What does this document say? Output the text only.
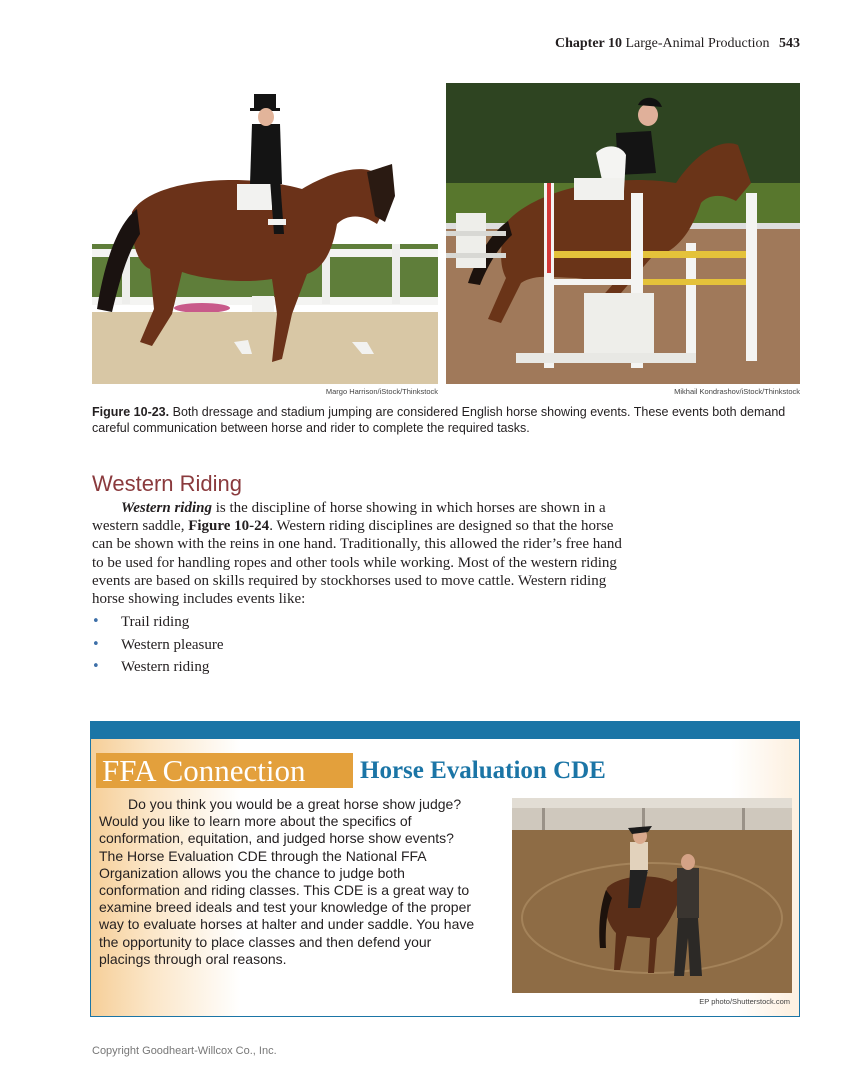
Chapter 10 Large-Animal Production 543
Margo Harrison/iStock/Thinkstock	Mikhail Kondrashov/iStock/Thinkstock
Figure 10-23. Both dressage and stadium jumping are considered English horse showing events. These events both demand careful communication between horse and rider to complete the required tasks.
Western Riding

Western riding is the discipline of horse showing in which horses are shown in a western saddle, Figure 10-24. Western riding disciplines are designed so that the horse can be shown with the reins in one hand. Traditionally, this allowed the rider’s free hand to be used for handling ropes and other tools while working. Most of the western riding events are based on skills required by stockhorses used to move cattle. Western riding horse showing includes events like:

• Trail riding
• Western pleasure
• Western riding
FFA Connection	Horse Evaluation CDE

Do you think you would be a great horse show judge? Would you like to learn more about the specifics of conformation, equitation, and judged horse show events? The Horse Evaluation CDE through the National FFA Organization allows you the chance to judge both conformation and riding classes. This CDE is a great way to examine breed ideals and test your knowledge of the proper way to evaluate horses at halter and under saddle. You have the opportunity to place classes and then defend your placings through oral reasons.

EP photo/Shutterstock.com
Copyright Goodheart-Willcox Co., Inc.
